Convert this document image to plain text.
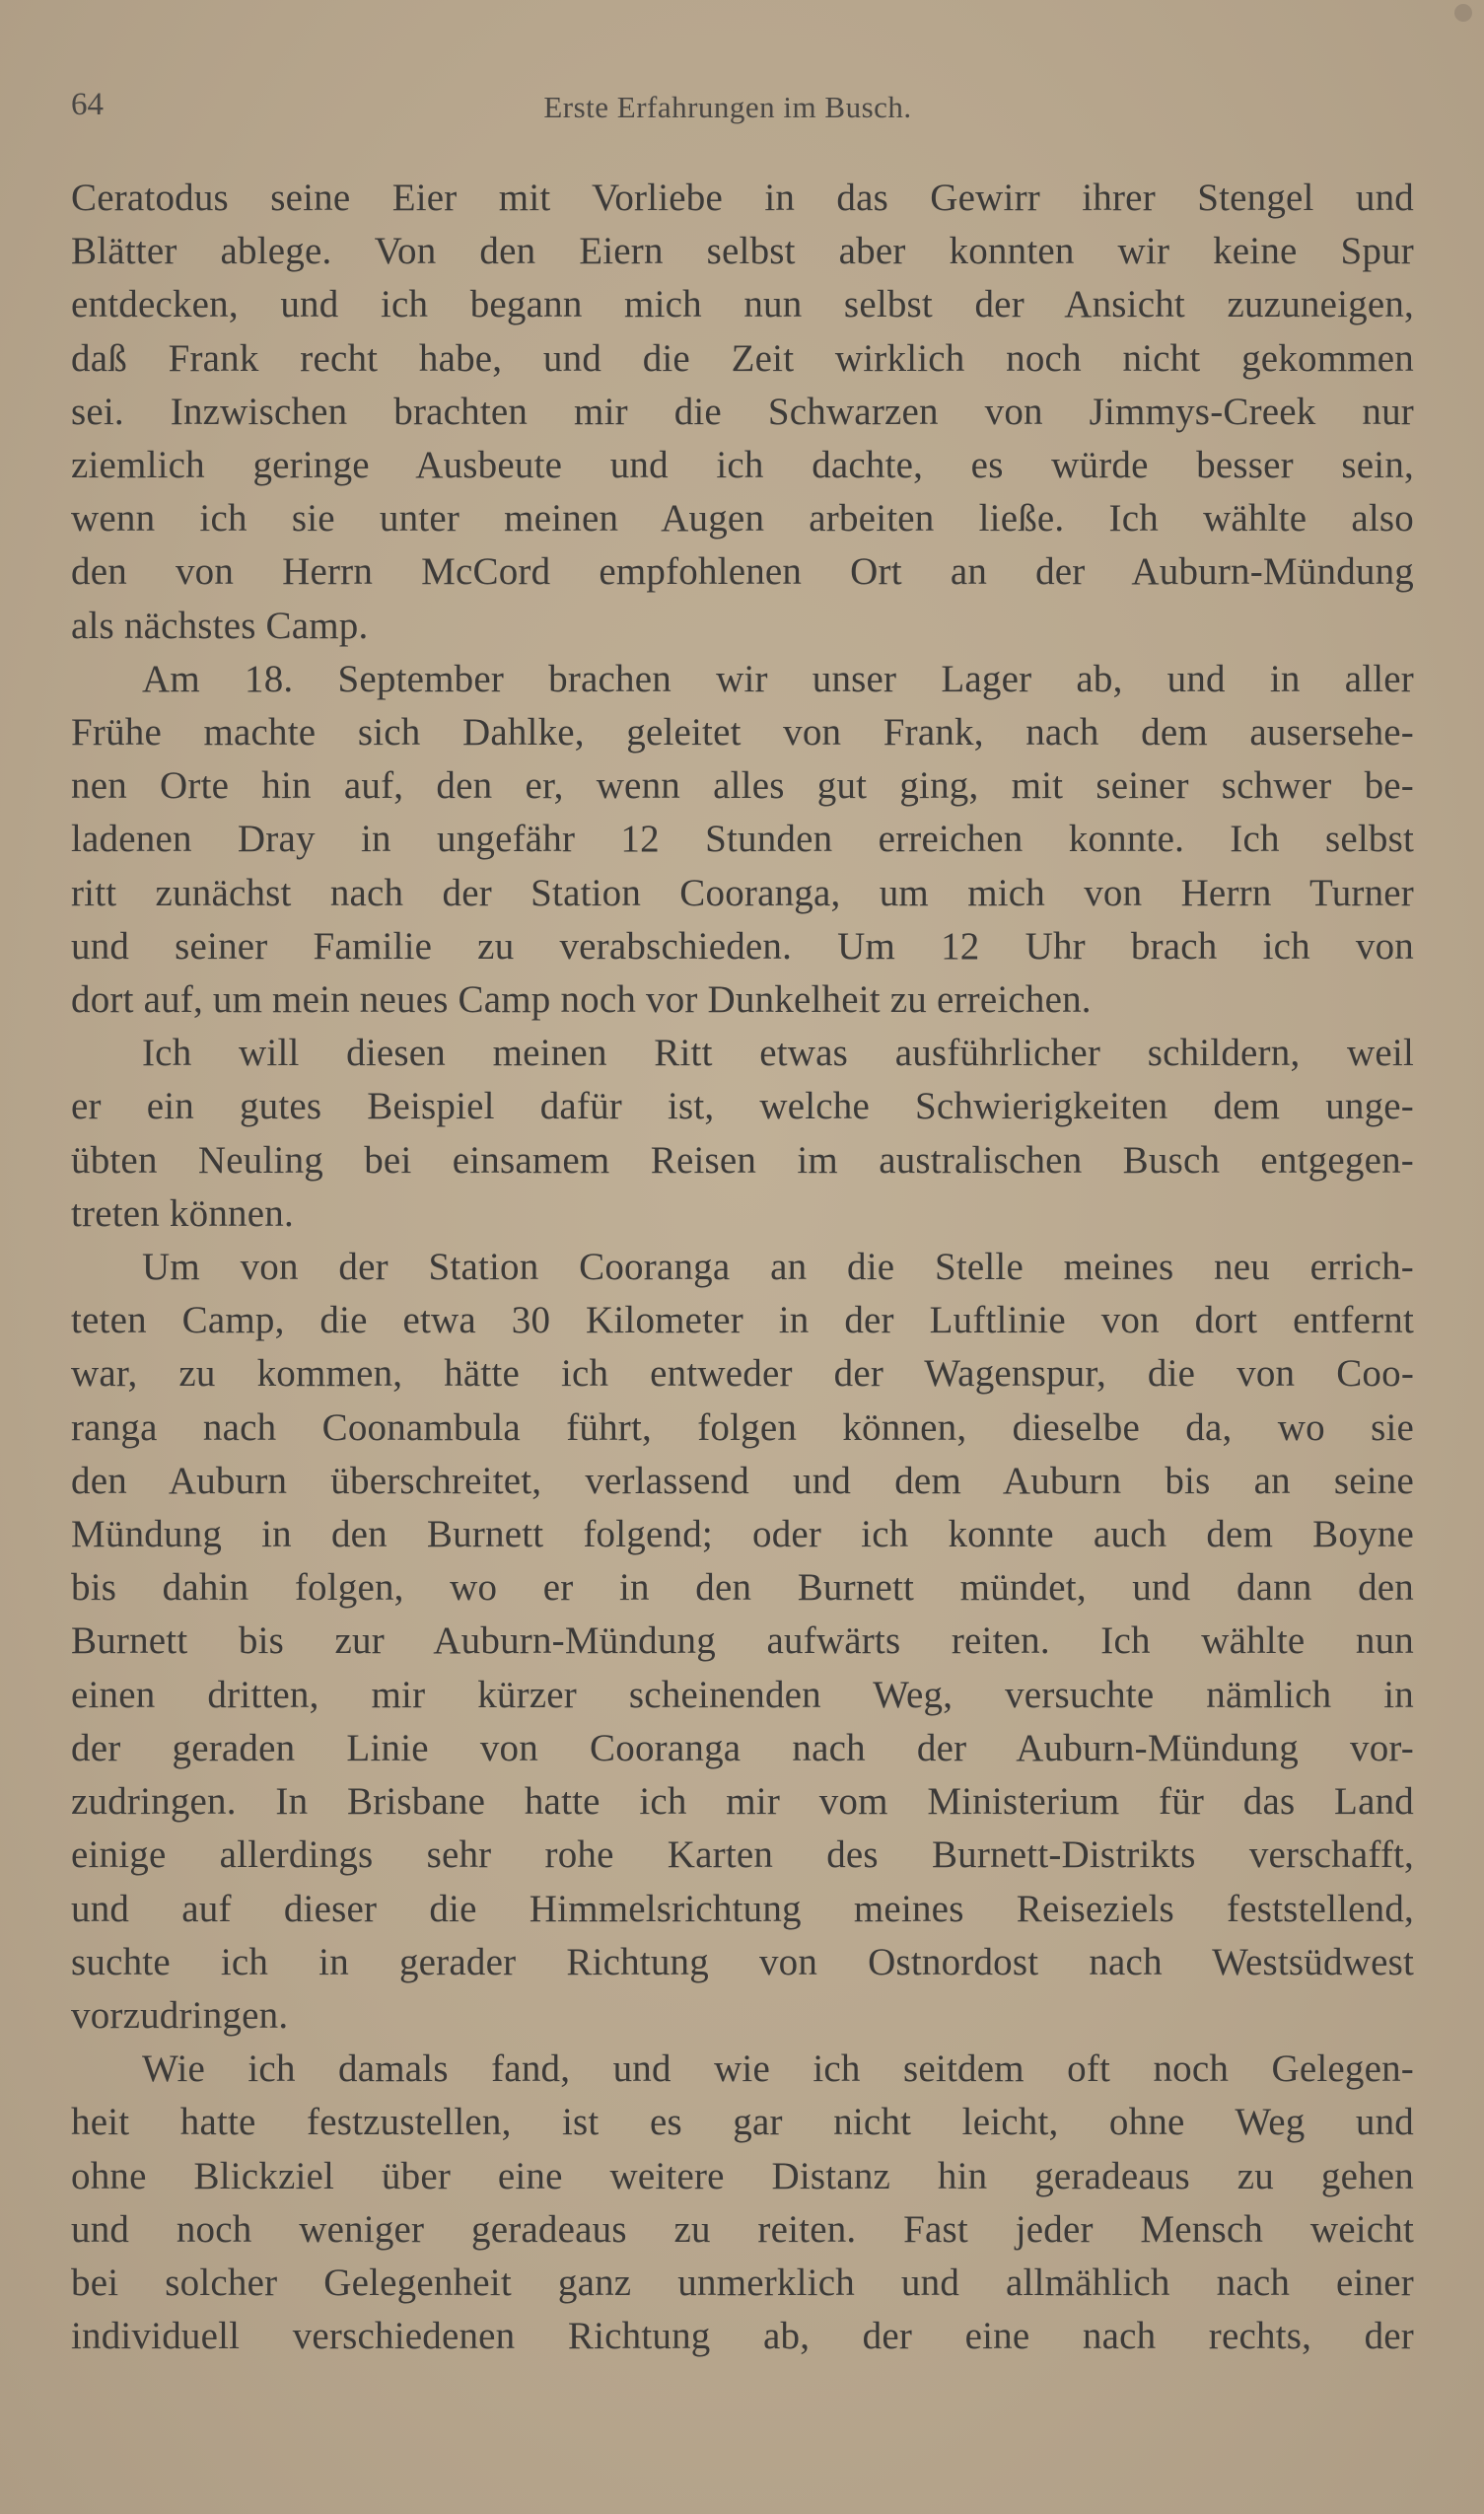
64	Erste Erfahrungen im Busch.
Ceratodus seine Eier mit Vorliebe in das Gewirr ihrer Stengel und
Blätter ablege. Von den Eiern selbst aber konnten wir keine Spur
entdecken, und ich begann mich nun selbst der Ansicht zuzuneigen,
daß Frank recht habe, und die Zeit wirklich noch nicht gekommen
sei. Inzwischen brachten mir die Schwarzen von Jimmys-Creek nur
ziemlich geringe Ausbeute und ich dachte, es würde besser sein,
wenn ich sie unter meinen Augen arbeiten ließe. Ich wählte also
den von Herrn McCord empfohlenen Ort an der Auburn-Mündung
als nächstes Camp.
Am 18. September brachen wir unser Lager ab, und in aller
Frühe machte sich Dahlke, geleitet von Frank, nach dem ausersehe-
nen Orte hin auf, den er, wenn alles gut ging, mit seiner schwer be-
ladenen Dray in ungefähr 12 Stunden erreichen konnte. Ich selbst
ritt zunächst nach der Station Cooranga, um mich von Herrn Turner
und seiner Familie zu verabschieden. Um 12 Uhr brach ich von
dort auf, um mein neues Camp noch vor Dunkelheit zu erreichen.
Ich will diesen meinen Ritt etwas ausführlicher schildern, weil
er ein gutes Beispiel dafür ist, welche Schwierigkeiten dem unge-
übten Neuling bei einsamem Reisen im australischen Busch entgegen-
treten können.
Um von der Station Cooranga an die Stelle meines neu errich-
teten Camp, die etwa 30 Kilometer in der Luftlinie von dort entfernt
war, zu kommen, hätte ich entweder der Wagenspur, die von Coo-
ranga nach Coonambula führt, folgen können, dieselbe da, wo sie
den Auburn überschreitet, verlassend und dem Auburn bis an seine
Mündung in den Burnett folgend; oder ich konnte auch dem Boyne
bis dahin folgen, wo er in den Burnett mündet, und dann den
Burnett bis zur Auburn-Mündung aufwärts reiten. Ich wählte nun
einen dritten, mir kürzer scheinenden Weg, versuchte nämlich in
der geraden Linie von Cooranga nach der Auburn-Mündung vor-
zudringen. In Brisbane hatte ich mir vom Ministerium für das Land
einige allerdings sehr rohe Karten des Burnett-Distrikts verschafft,
und auf dieser die Himmelsrichtung meines Reiseziels feststellend,
suchte ich in gerader Richtung von Ostnordost nach Westsüdwest
vorzudringen.
Wie ich damals fand, und wie ich seitdem oft noch Gelegen-
heit hatte festzustellen, ist es gar nicht leicht, ohne Weg und
ohne Blickziel über eine weitere Distanz hin geradeaus zu gehen
und noch weniger geradeaus zu reiten. Fast jeder Mensch weicht
bei solcher Gelegenheit ganz unmerklich und allmählich nach einer
individuell verschiedenen Richtung ab, der eine nach rechts, der
